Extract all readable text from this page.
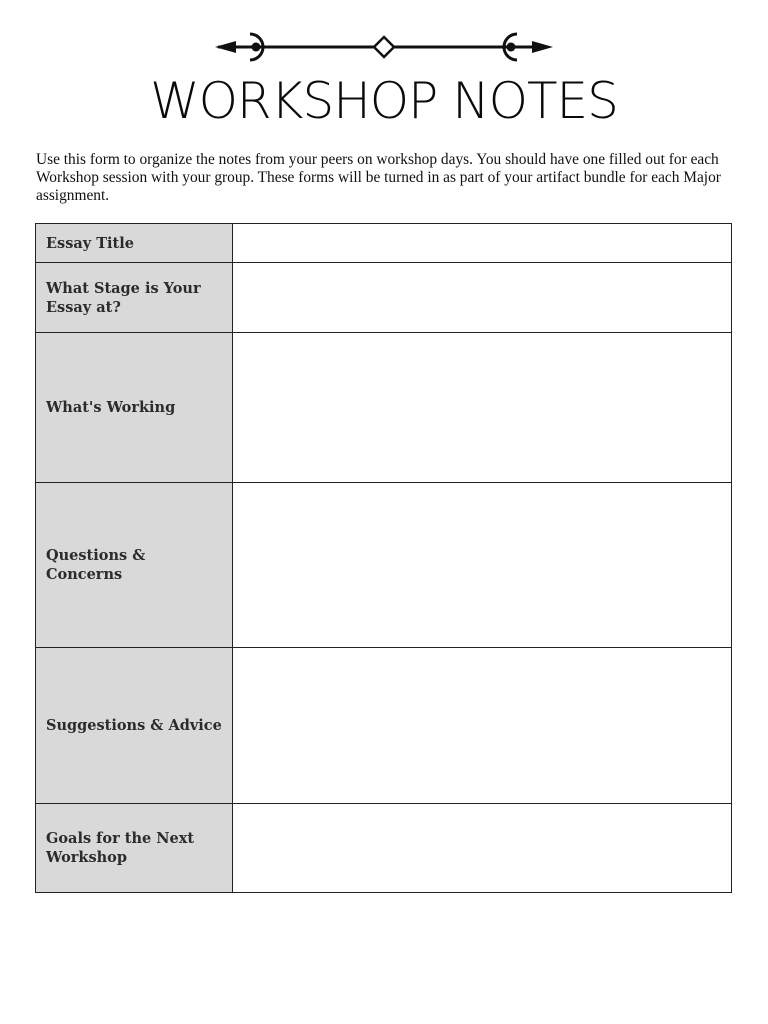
WORKSHOP NOTES
Use this form to organize the notes from your peers on workshop days. You should have one filled out for each Workshop session with your group. These forms will be turned in as part of your artifact bundle for each Major assignment.
Essay Title	

What Stage is Your Essay at?	

What's Working	

Questions & Concerns	

Suggestions & Advice	

Goals for the Next Workshop	
